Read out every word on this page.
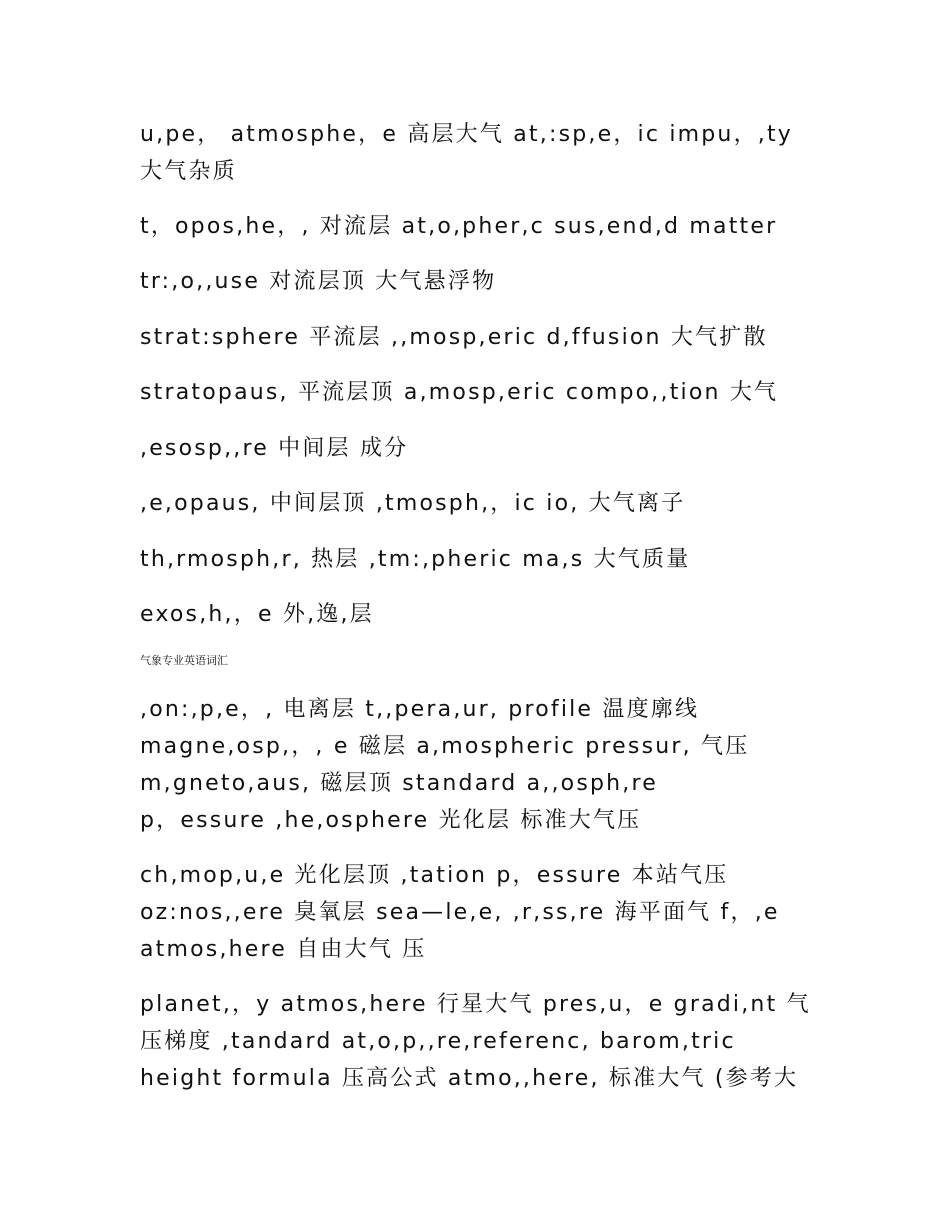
u,pe， atmosphe，e 高层大气 at,:sp,e，ic impu，,ty
大气杂质
t，opos,he，, 对流层 at,o,pher,c sus,end,d matter
tr:,o,,use 对流层顶 大气悬浮物
strat:sphere 平流层 ,,mosp,eric d,ffusion 大气扩散
stratopaus, 平流层顶 a,mosp,eric compo,,tion 大气
,esosp,,re 中间层 成分
,e,opaus, 中间层顶 ,tmosph,，ic io, 大气离子
th,rmosph,r, 热层 ,tm:,pheric ma,s 大气质量
exos,h,，e 外,逸,层
气象专业英语词汇
,on:,p,e，, 电离层 t,,pera,ur, profile 温度廓线
magne,osp,，, e 磁层 a,mospheric pressur, 气压
m,gneto,aus, 磁层顶 standard a,,osph,re
p，essure ,he,osphere 光化层 标准大气压
ch,mop,u,e 光化层顶 ,tation p，essure 本站气压
oz:nos,,ere 臭氧层 sea—le,e, ,r,ss,re 海平面气 f，,e
atmos,here 自由大气 压
planet,，y atmos,here 行星大气 pres,u，e gradi,nt 气
压梯度 ,tandard at,o,p,,re,referenc, barom,tric
height formula 压高公式 atmo,,here, 标准大气 (参考大
